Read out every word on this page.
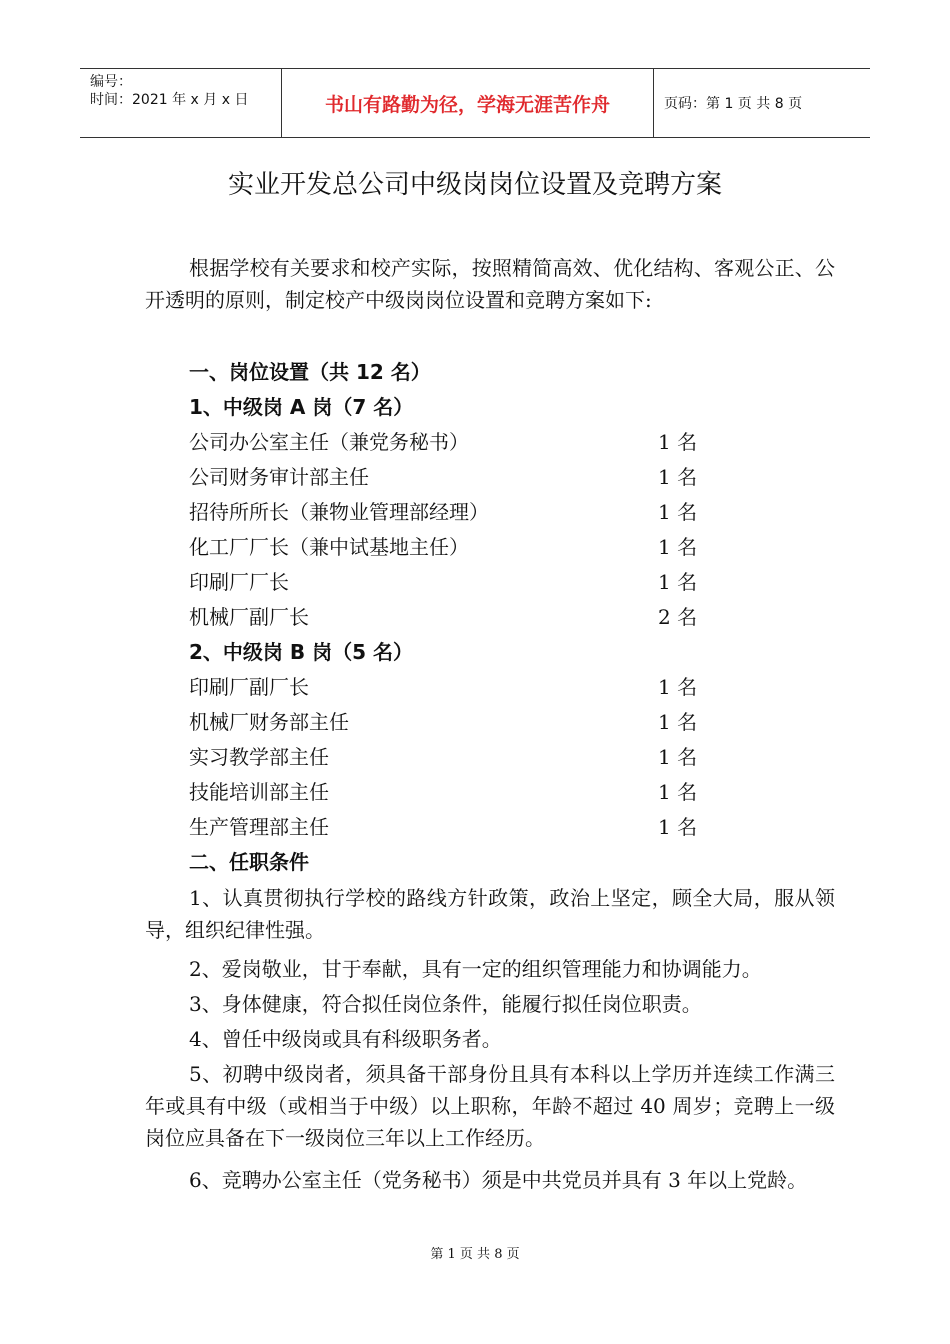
编号：
时间：2021 年 x 月 x 日	书山有路勤为径，学海无涯苦作舟	页码：第 1 页 共 8 页
实业开发总公司中级岗岗位设置及竞聘方案

根据学校有关要求和校产实际，按照精简高效、优化结构、客观公正、公开透明的原则，制定校产中级岗岗位设置和竞聘方案如下:

一、岗位设置（共 12 名）
1、中级岗 A 岗（7 名）
公司办公室主任（兼党务秘书）	1 名
公司财务审计部主任	1 名
招待所所长（兼物业管理部经理）	1 名
化工厂厂长（兼中试基地主任）	1 名
印刷厂厂长	1 名
机械厂副厂长	2 名
2、中级岗 B 岗（5 名）
印刷厂副厂长	1 名
机械厂财务部主任	1 名
实习教学部主任	1 名
技能培训部主任	1 名
生产管理部主任	1 名
二、任职条件

1、认真贯彻执行学校的路线方针政策，政治上坚定，顾全大局，服从领导，组织纪律性强。

2、爱岗敬业，甘于奉献，具有一定的组织管理能力和协调能力。

3、身体健康，符合拟任岗位条件，能履行拟任岗位职责。

4、曾任中级岗或具有科级职务者。

5、初聘中级岗者，须具备干部身份且具有本科以上学历并连续工作满三年或具有中级（或相当于中级）以上职称，年龄不超过 40 周岁；竞聘上一级岗位应具备在下一级岗位三年以上工作经历。

6、竞聘办公室主任（党务秘书）须是中共党员并具有 3 年以上党龄。

第 1 页 共 8 页
